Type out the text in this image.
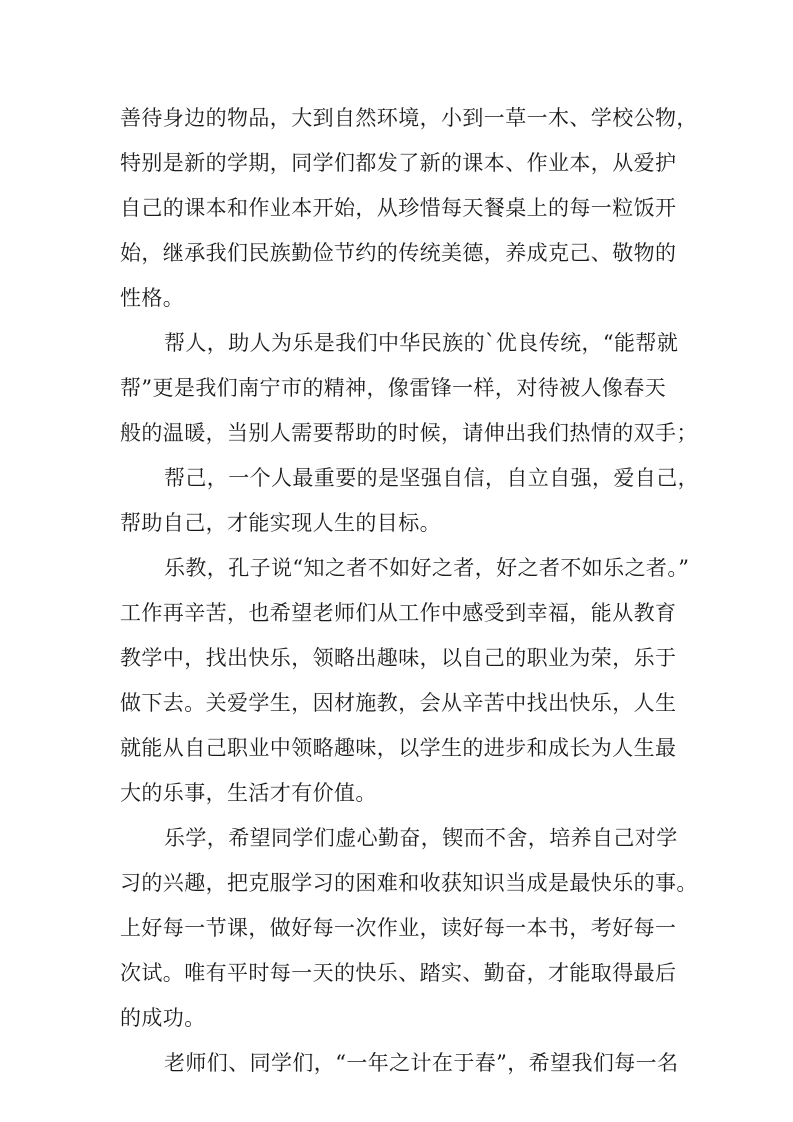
善待身边的物品，大到自然环境，小到一草一木、学校公物，
特别是新的学期，同学们都发了新的课本、作业本，从爱护
自己的课本和作业本开始，从珍惜每天餐桌上的每一粒饭开
始，继承我们民族勤俭节约的传统美德，养成克己、敬物的
性格。
帮人，助人为乐是我们中华民族的`优良传统，“能帮就
帮”更是我们南宁市的精神，像雷锋一样，对待被人像春天
般的温暖，当别人需要帮助的时候，请伸出我们热情的双手；
帮己，一个人最重要的是坚强自信，自立自强，爱自己，
帮助自己，才能实现人生的目标。
乐教，孔子说“知之者不如好之者，好之者不如乐之者。”
工作再辛苦，也希望老师们从工作中感受到幸福，能从教育
教学中，找出快乐，领略出趣味，以自己的职业为荣，乐于
做下去。关爱学生，因材施教，会从辛苦中找出快乐，人生
就能从自己职业中领略趣味，以学生的进步和成长为人生最
大的乐事，生活才有价值。
乐学，希望同学们虚心勤奋，锲而不舍，培养自己对学
习的兴趣，把克服学习的困难和收获知识当成是最快乐的事。
上好每一节课，做好每一次作业，读好每一本书，考好每一
次试。唯有平时每一天的快乐、踏实、勤奋，才能取得最后
的成功。
老师们、同学们，“一年之计在于春”，希望我们每一名
